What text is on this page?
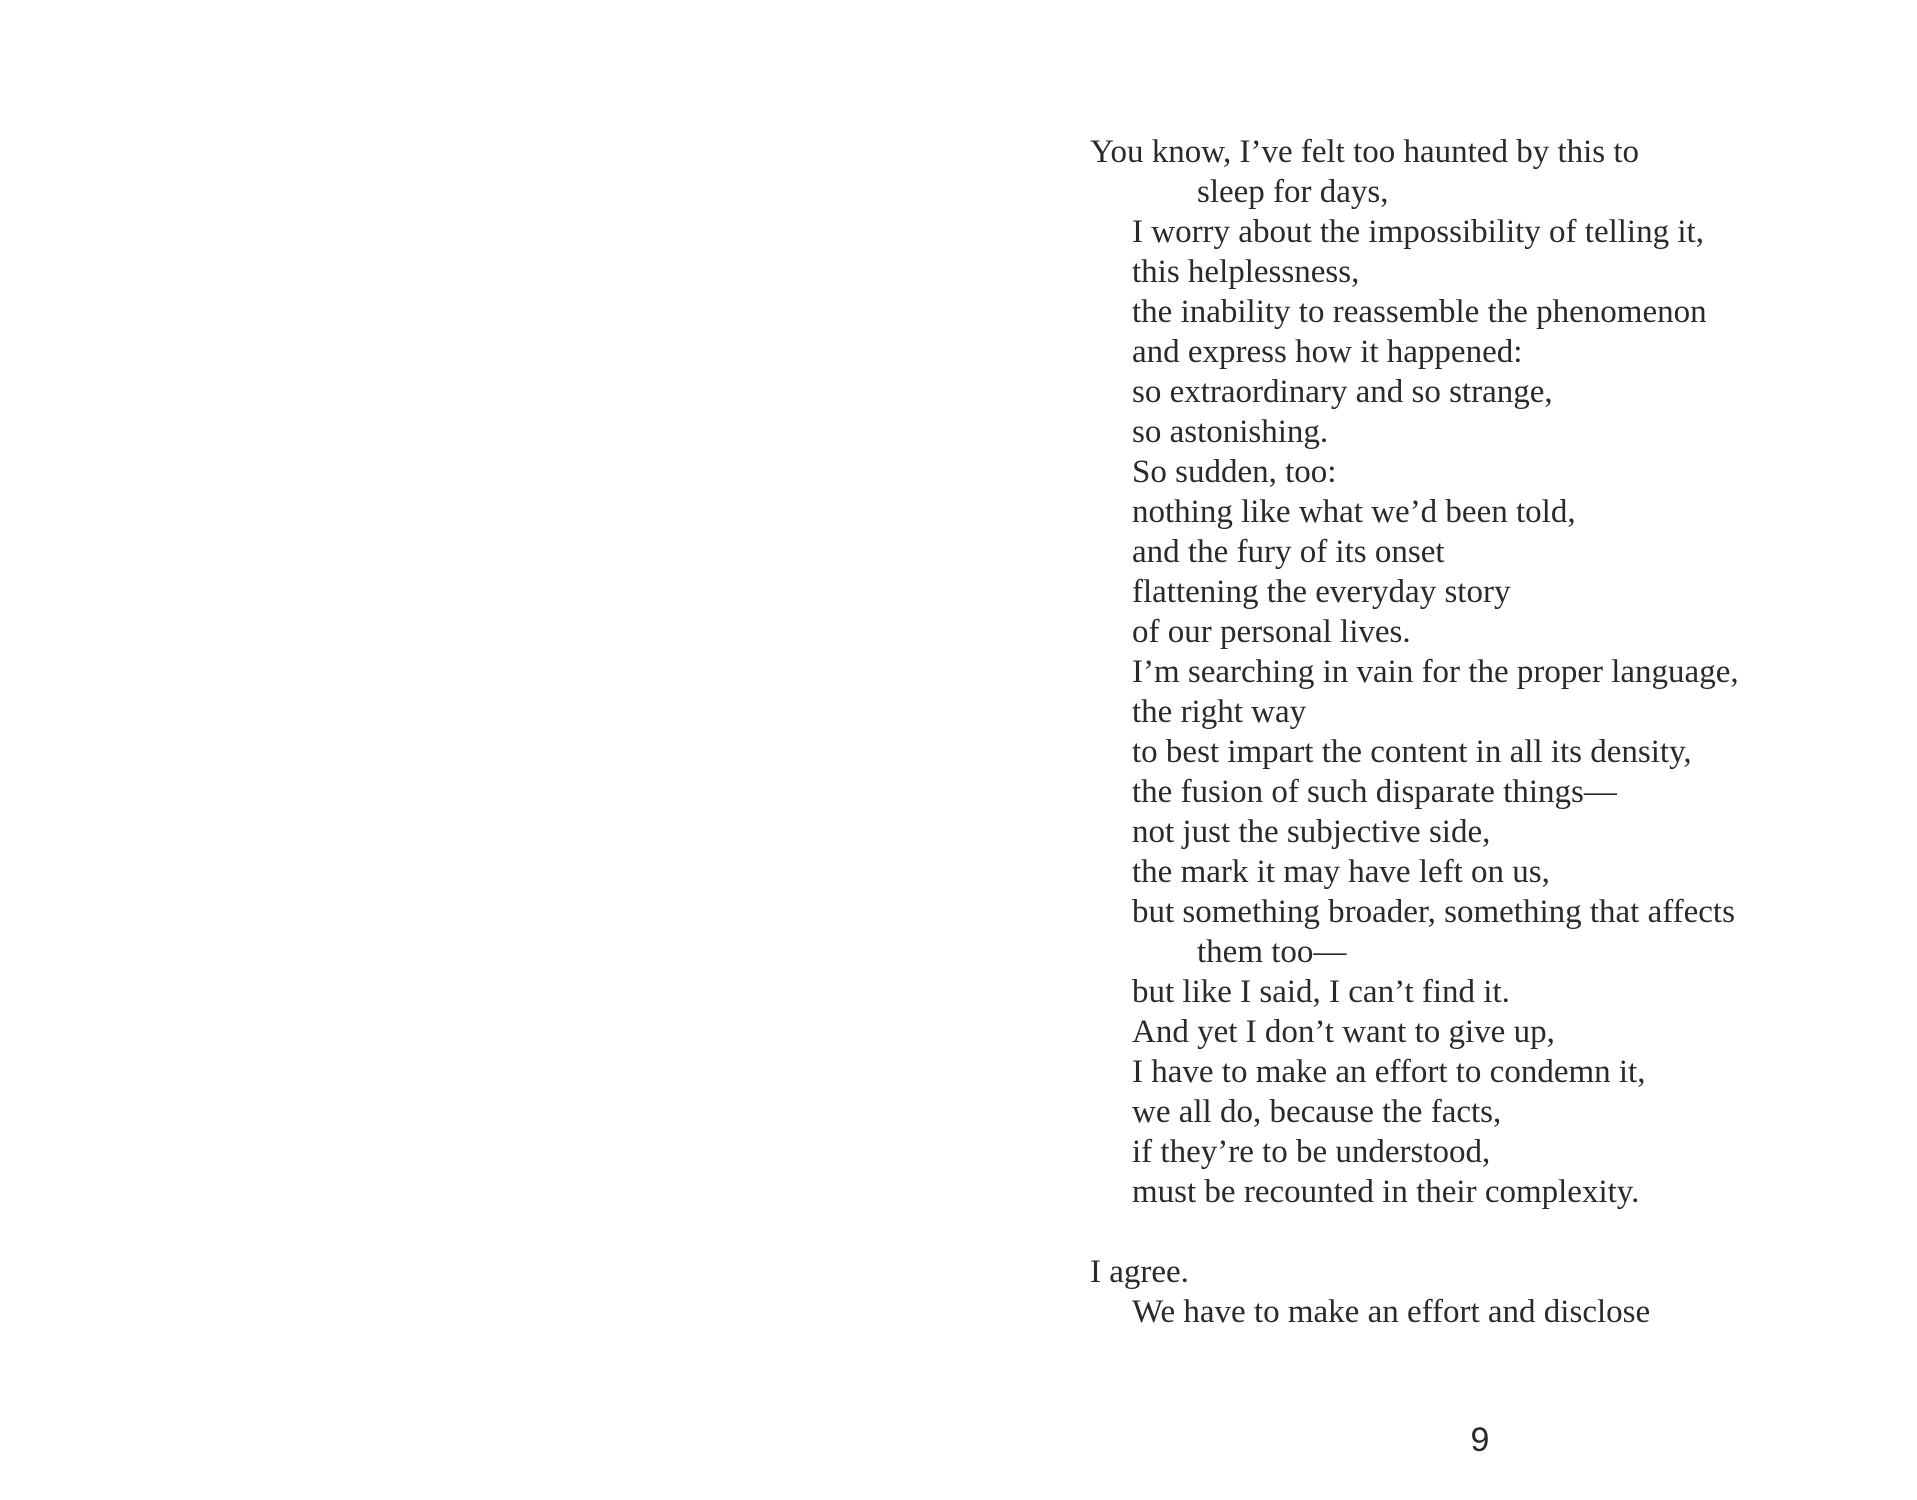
You know, I’ve felt too haunted by this to
sleep for days,
I worry about the impossibility of telling it,
this helplessness,
the inability to reassemble the phenomenon
and express how it happened:
so extraordinary and so strange,
so astonishing.
So sudden, too:
nothing like what we’d been told,
and the fury of its onset
flattening the everyday story
of our personal lives.
I’m searching in vain for the proper language,
the right way
to best impart the content in all its density,
the fusion of such disparate things—
not just the subjective side,
the mark it may have left on us,
but something broader, something that affects
them too—
but like I said, I can’t find it.
And yet I don’t want to give up,
I have to make an effort to condemn it,
we all do, because the facts,
if they’re to be understood,
must be recounted in their complexity.
I agree.
We have to make an effort and disclose
9
